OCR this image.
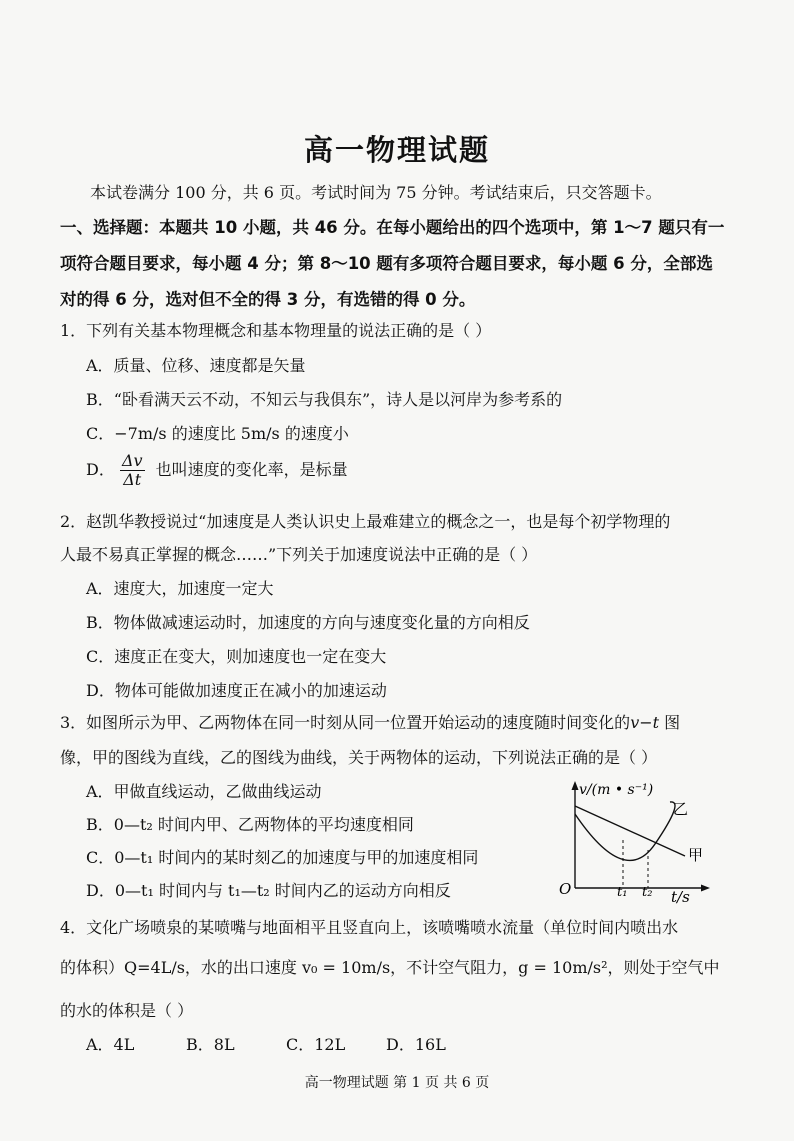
高一物理试题
本试卷满分 100 分，共 6 页。考试时间为 75 分钟。考试结束后，只交答题卡。
一、选择题：本题共 10 小题，共 46 分。在每小题给出的四个选项中，第 1～7 题只有一
项符合题目要求，每小题 4 分；第 8～10 题有多项符合题目要求，每小题 6 分，全部选
对的得 6 分，选对但不全的得 3 分，有选错的得 0 分。
1．下列有关基本物理概念和基本物理量的说法正确的是（ ）
A．质量、位移、速度都是矢量
B．“卧看满天云不动，不知云与我俱东”，诗人是以河岸为参考系的
C．−7m/s 的速度比 5m/s 的速度小
D． $\frac{\Delta v}{\Delta t}$ 也叫速度的变化率，是标量
2．赵凯华教授说过“加速度是人类认识史上最难建立的概念之一，也是每个初学物理的
人最不易真正掌握的概念……”下列关于加速度说法中正确的是（ ）
A．速度大，加速度一定大
B．物体做减速运动时，加速度的方向与速度变化量的方向相反
C．速度正在变大，则加速度也一定在变大
D．物体可能做加速度正在减小的加速运动
3．如图所示为甲、乙两物体在同一时刻从同一位置开始运动的速度随时间变化的v−t 图
像，甲的图线为直线，乙的图线为曲线，关于两物体的运动，下列说法正确的是（ ）
A．甲做直线运动，乙做曲线运动
B．0—t₂ 时间内甲、乙两物体的平均速度相同
C．0—t₁ 时间内的某时刻乙的加速度与甲的加速度相同
D．0—t₁ 时间内与 t₁—t₂ 时间内乙的运动方向相反
v/(m • s⁻¹)
乙
甲
O	t₁ t₂ t/s
4．文化广场喷泉的某喷嘴与地面相平且竖直向上，该喷嘴喷水流量（单位时间内喷出水
的体积）Q=4L/s，水的出口速度 v₀ = 10m/s，不计空气阻力，g = 10m/s²，则处于空气中
的水的体积是（ ）
A．4L	B．8L	C．12L	D．16L
高一物理试题 第 1 页 共 6 页
